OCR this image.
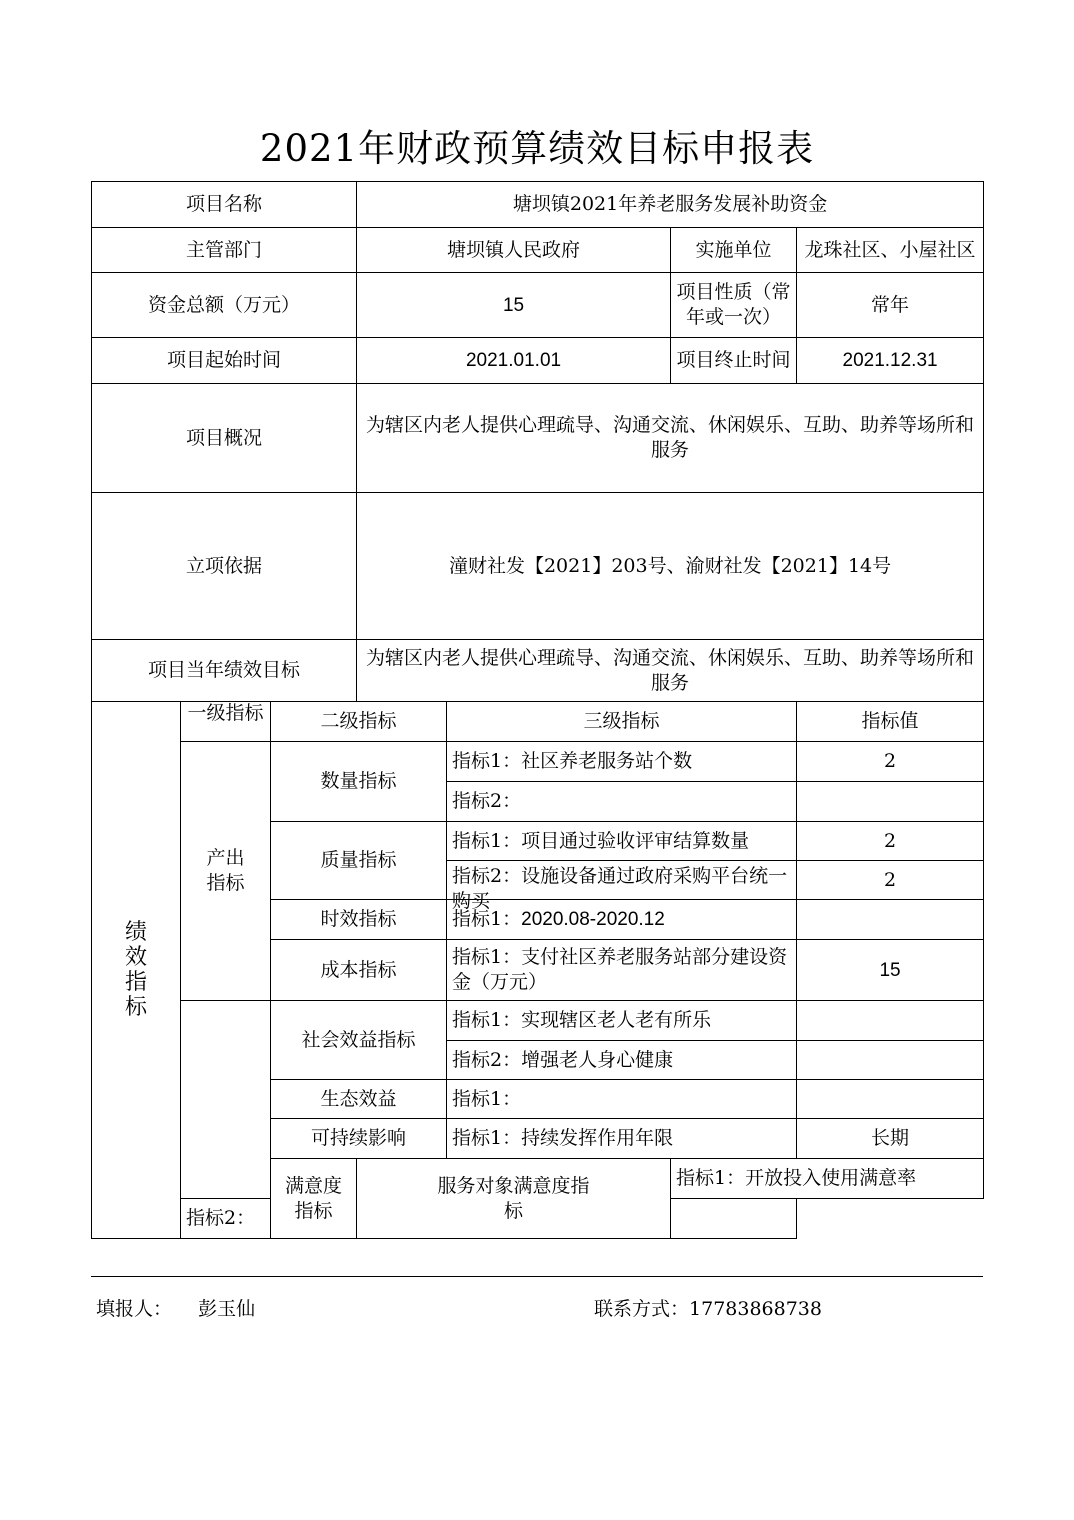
2021年财政预算绩效目标申报表
项目名称			塘坝镇2021年养老服务发展补助资金				
主管部门			塘坝镇人民政府		实施单位	龙珠社区、小屋社区	
资金总额（万元）			15		项目性质（常年或一次）	常年	
项目起始时间			2021.01.01		项目终止时间	2021.12.31	
项目概况			为辖区内老人提供心理疏导、沟通交流、休闲娱乐、互助、助养等场所和服务				
立项依据			潼财社发【2021】203号、渝财社发【2021】14号				
项目当年绩效目标			为辖区内老人提供心理疏导、沟通交流、休闲娱乐、互助、助养等场所和服务				
绩效指标	一级指标	二级指标		三级指标		指标值	
	产出指标	数量指标		指标1：社区养老服务站个数		2	
				指标2：			
		质量指标		指标1：项目通过验收评审结算数量		2	

				指标2：设施设备通过政府采购平台统一购买		2	
		时效指标		指标1：2020.08-2020.12			
		成本指标		指标1：支付社区养老服务站部分建设资金（万元）		15	
		社会效益指标		指标1：实现辖区老人老有所乐			
				指标2：增强老人身心健康			
		生态效益		指标1：			
		可持续影响		指标1：持续发挥作用年限		长期	
		满意度指标	服务对象满意度指标		指标1：开放投入使用满意率	
	指标2：						
填报人： 彭玉仙	联系方式：17783868738
